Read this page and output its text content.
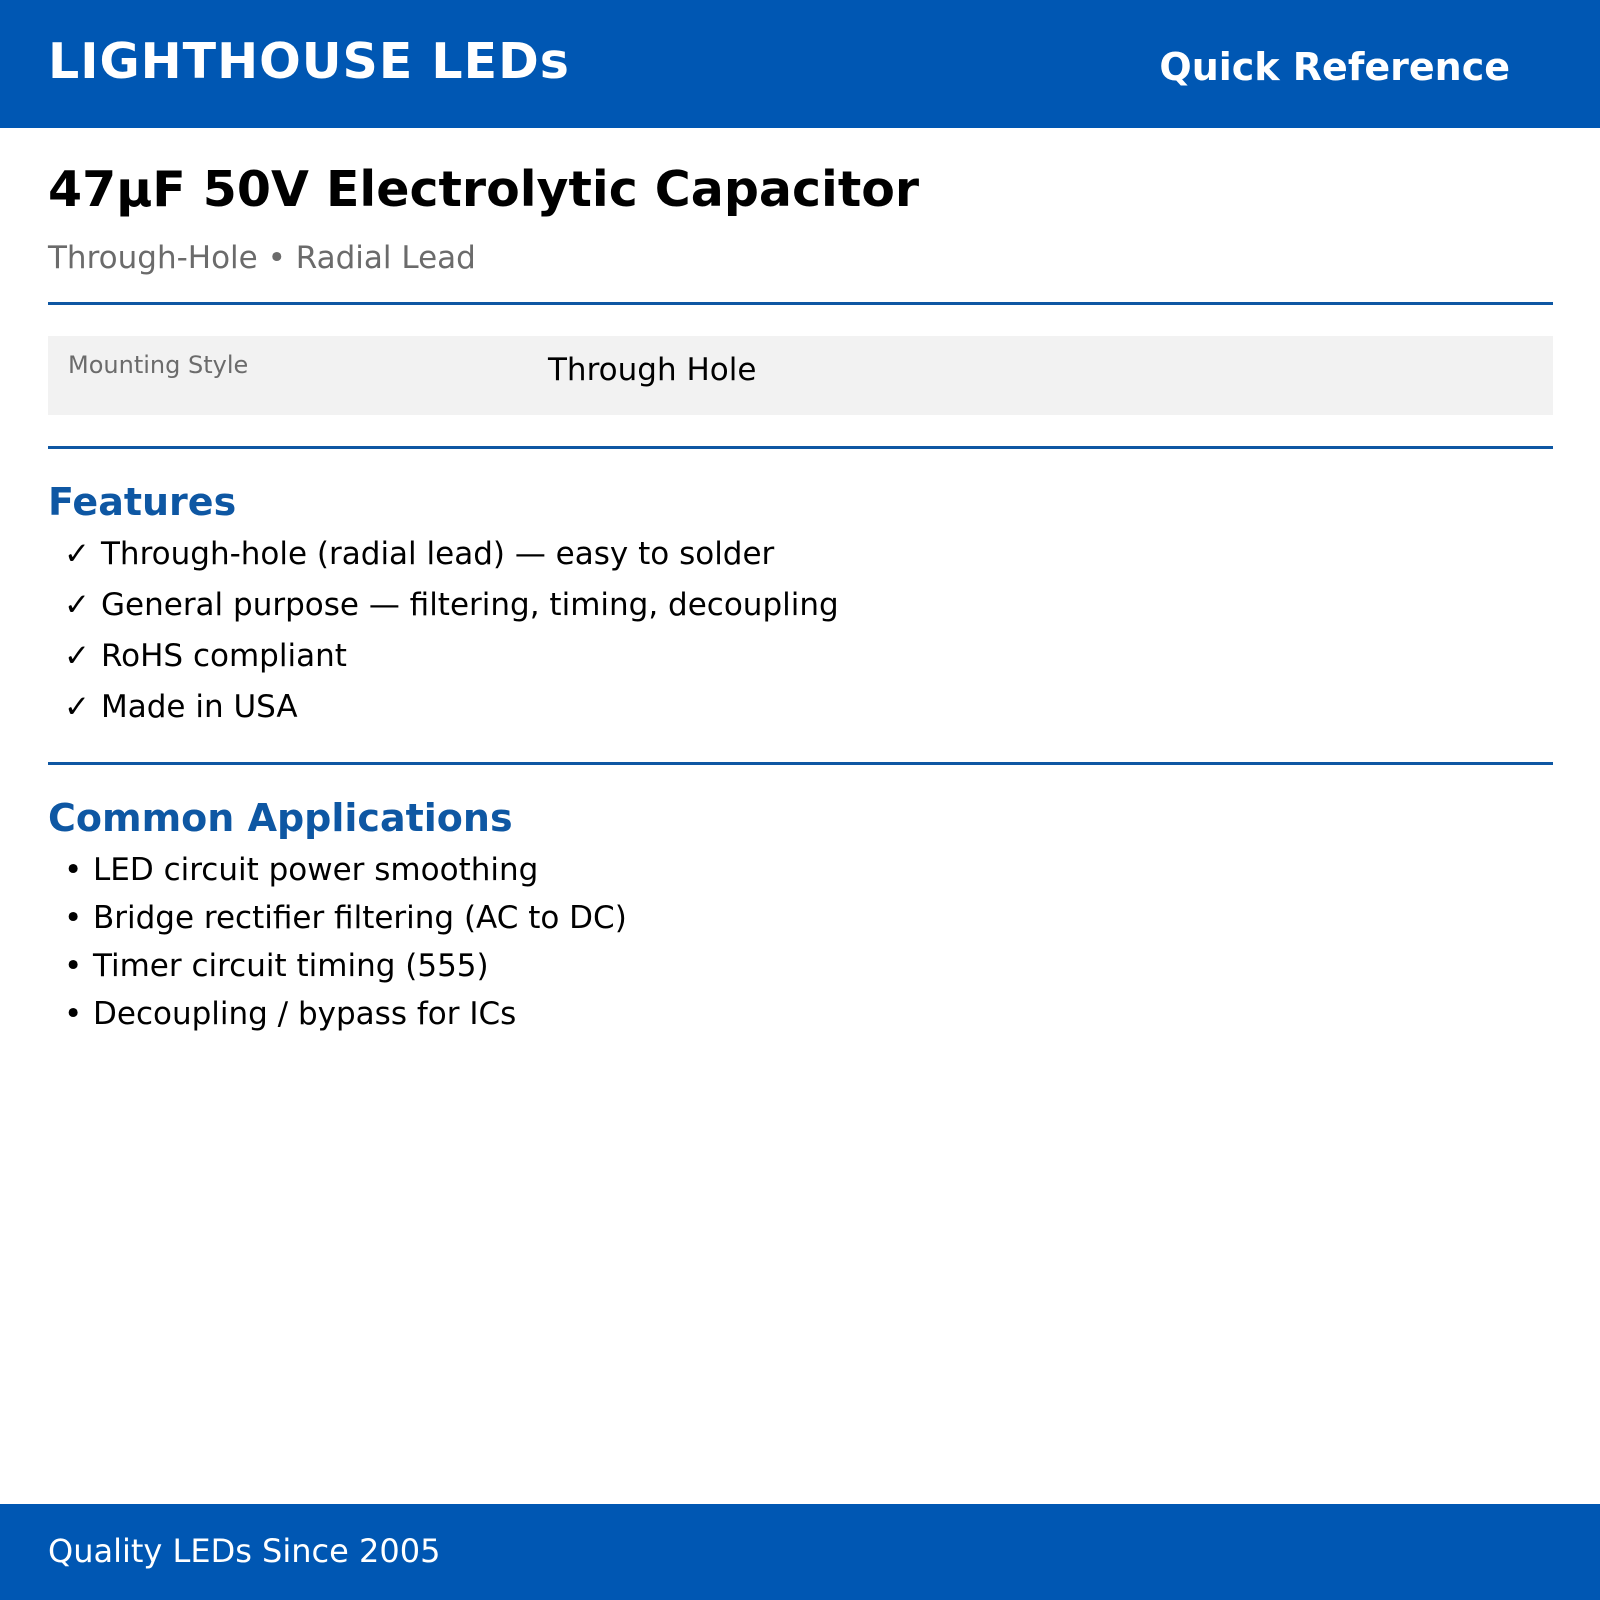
LIGHTHOUSE LEDs	Quick Reference
47µF 50V Electrolytic Capacitor
Through-Hole • Radial Lead
Mounting Style	Through Hole
Features
✓ Through-hole (radial lead) — easy to solder
✓ General purpose — filtering, timing, decoupling
✓ RoHS compliant
✓ Made in USA
Common Applications
• LED circuit power smoothing
• Bridge rectifier filtering (AC to DC)
• Timer circuit timing (555)
• Decoupling / bypass for ICs
Quality LEDs Since 2005
